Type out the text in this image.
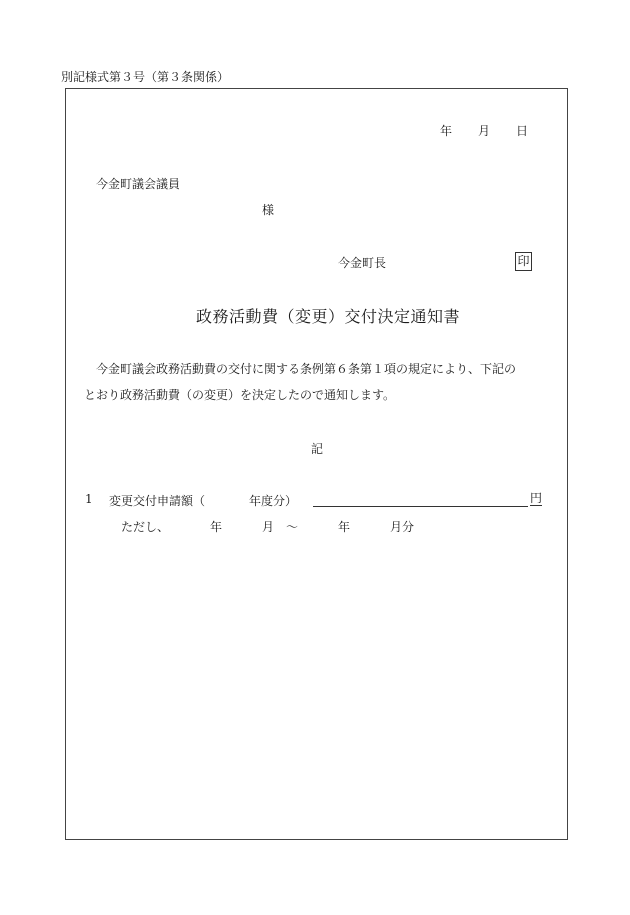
別記様式第３号（第３条関係）
年 月 日
今金町議会議員
様
今金町長	印
政務活動費（変更）交付決定通知書
今金町議会政務活動費の交付に関する条例第６条第１項の規定により、下記の
とおり政務活動費（の変更）を決定したので通知します。
記
1 変更交付申請額（	年度分）	円
ただし、	年	月 ～	年	月分
